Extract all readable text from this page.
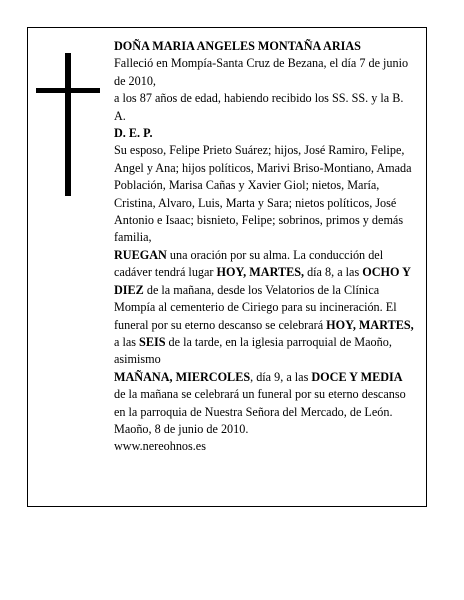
DOÑA MARIA ANGELES MONTAÑA ARIAS

Falleció en Mompía-Santa Cruz de Bezana, el día 7 de junio de 2010,

a los 87 años de edad, habiendo recibido los SS. SS. y la B. A.

D. E. P.

Su esposo, Felipe Prieto Suárez; hijos, José Ramiro, Felipe, Angel y Ana; hijos políticos, Marivi Briso-Montiano, Amada Población, Marisa Cañas y Xavier Giol; nietos, María, Cristina, Alvaro, Luis, Marta y Sara; nietos políticos, José Antonio e Isaac; bisnieto, Felipe; sobrinos, primos y demás familia,

RUEGAN una oración por su alma. La conducción del cadáver tendrá lugar HOY, MARTES, día 8, a las OCHO Y DIEZ de la mañana, desde los Velatorios de la Clínica Mompía al cementerio de Ciriego para su incineración. El funeral por su eterno descanso se celebrará HOY, MARTES, a las SEIS de la tarde, en la iglesia parroquial de Maoño, asimismo

MAÑANA, MIERCOLES, día 9, a las DOCE Y MEDIA de la mañana se celebrará un funeral por su eterno descanso en la parroquia de Nuestra Señora del Mercado, de León.

Maoño, 8 de junio de 2010.

www.nereohnos.es
